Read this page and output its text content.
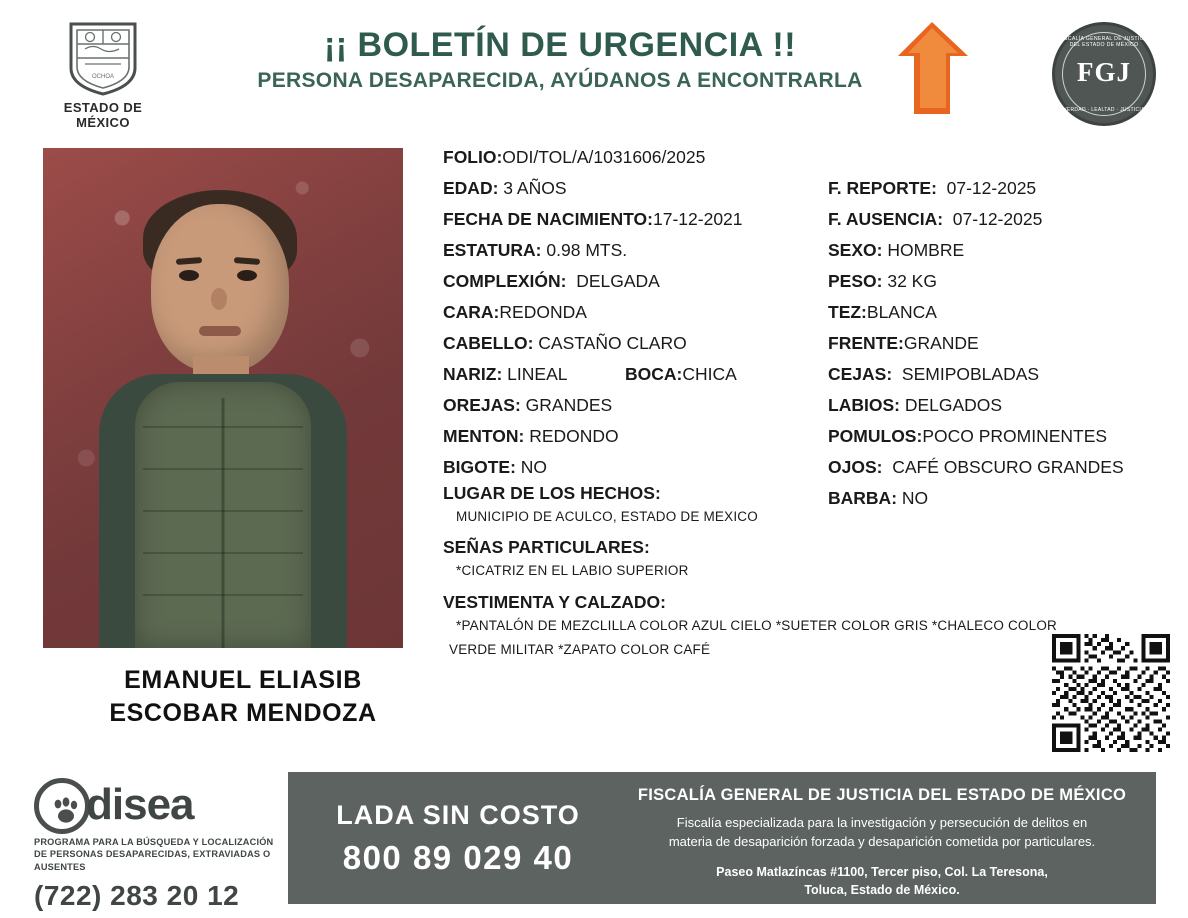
OCHOA
ESTADO DE MÉXICO
¡¡ BOLETÍN DE URGENCIA !!
PERSONA DESAPARECIDA, AYÚDANOS A ENCONTRARLA
Protocolo
ALBA
Estado de México
FISCALÍA GENERAL DE JUSTICIA DEL ESTADO DE MÉXICO
FGJ
VERDAD · LEALTAD · JUSTICIA
EMANUEL ELIASIB
ESCOBAR MENDOZA
FOLIO:ODI/TOL/A/1031606/2025
EDAD: 3 AÑOS
FECHA DE NACIMIENTO:17-12-2021
ESTATURA: 0.98 MTS.
COMPLEXIÓN: DELGADA
CARA:REDONDA
CABELLO: CASTAÑO CLARO
NARIZ: LINEAL	BOCA:CHICA
OREJAS: GRANDES
MENTON: REDONDO
BIGOTE: NO
F. REPORTE: 07-12-2025
F. AUSENCIA: 07-12-2025
SEXO: HOMBRE
PESO: 32 KG
TEZ:BLANCA
FRENTE:GRANDE
CEJAS: SEMIPOBLADAS
LABIOS: DELGADOS
POMULOS:POCO PROMINENTES
OJOS: CAFÉ OBSCURO GRANDES
BARBA: NO
LUGAR DE LOS HECHOS:
MUNICIPIO DE ACULCO, ESTADO DE MEXICO
SEÑAS PARTICULARES:
*CICATRIZ EN EL LABIO SUPERIOR
VESTIMENTA Y CALZADO:
*PANTALÓN DE MEZCLILLA COLOR AZUL CIELO *SUETER COLOR GRIS *CHALECO COLOR
VERDE MILITAR *ZAPATO COLOR CAFÉ
disea
PROGRAMA PARA LA BÚSQUEDA Y LOCALIZACIÓN
DE PERSONAS DESAPARECIDAS, EXTRAVIADAS O
AUSENTES
(722) 283 20 12
LADA SIN COSTO
800 89 029 40
FISCALÍA GENERAL DE JUSTICIA DEL ESTADO DE MÉXICO
Fiscalía especializada para la investigación y persecución de delitos en
materia de desaparición forzada y desaparición cometida por particulares.
Paseo Matlazíncas #1100, Tercer piso, Col. La Teresona,
Toluca, Estado de México.
